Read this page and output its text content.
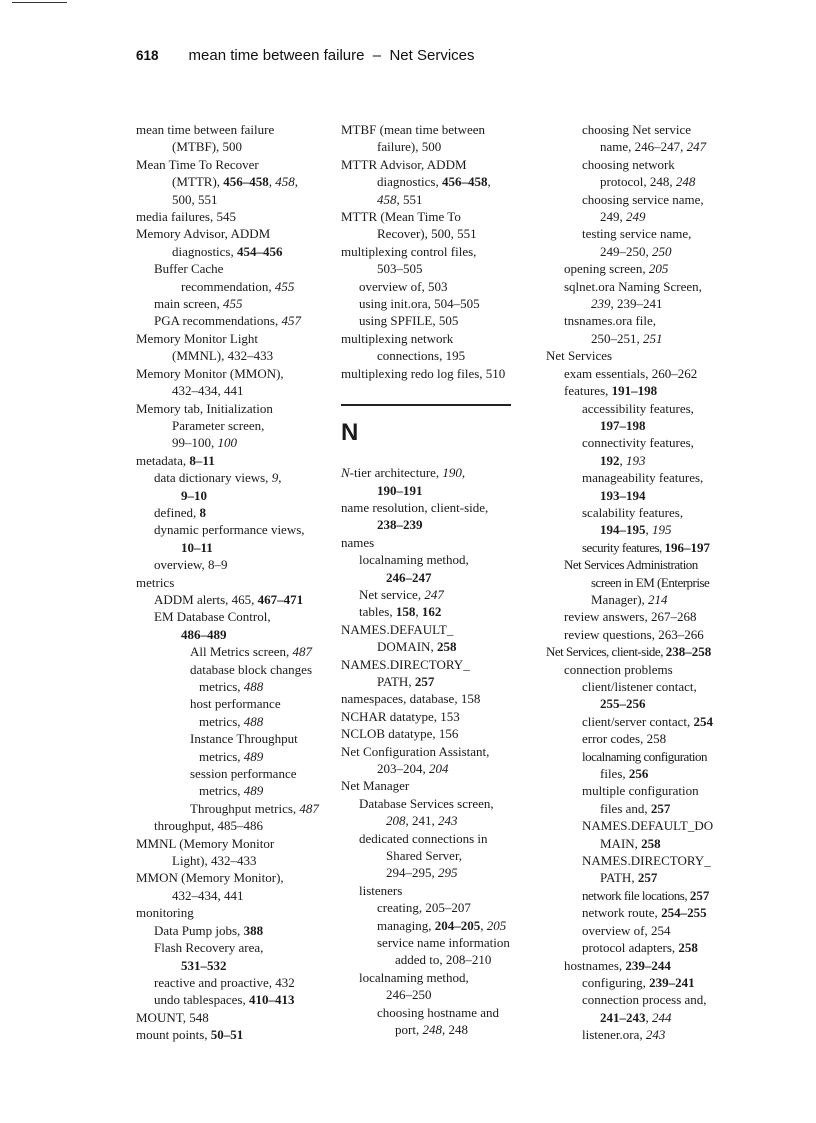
618 mean time between failure  –  Net Services
mean time between failure
(MTBF), 500
Mean Time To Recover
(MTTR), 456–458, 458,
500, 551
media failures, 545
Memory Advisor, ADDM
diagnostics, 454–456
Buffer Cache
recommendation, 455
main screen, 455
PGA recommendations, 457
Memory Monitor Light
(MMNL), 432–433
Memory Monitor (MMON),
432–434, 441
Memory tab, Initialization
Parameter screen,
99–100, 100
metadata, 8–11
data dictionary views, 9,
9–10
defined, 8
dynamic performance views,
10–11
overview, 8–9
metrics
ADDM alerts, 465, 467–471
EM Database Control,
486–489
All Metrics screen, 487
database block changes
metrics, 488
host performance
metrics, 488
Instance Throughput
metrics, 489
session performance
metrics, 489
Throughput metrics, 487
throughput, 485–486
MMNL (Memory Monitor
Light), 432–433
MMON (Memory Monitor),
432–434, 441
monitoring
Data Pump jobs, 388
Flash Recovery area,
531–532
reactive and proactive, 432
undo tablespaces, 410–413
MOUNT, 548
mount points, 50–51
MTBF (mean time between
failure), 500
MTTR Advisor, ADDM
diagnostics, 456–458,
458, 551
MTTR (Mean Time To
Recover), 500, 551
multiplexing control files,
503–505
overview of, 503
using init.ora, 504–505
using SPFILE, 505
multiplexing network
connections, 195
multiplexing redo log files, 510
N
N-tier architecture, 190,
190–191
name resolution, client-side,
238–239
names
localnaming method,
246–247
Net service, 247
tables, 158, 162
NAMES.DEFAULT_
DOMAIN, 258
NAMES.DIRECTORY_
PATH, 257
namespaces, database, 158
NCHAR datatype, 153
NCLOB datatype, 156
Net Configuration Assistant,
203–204, 204
Net Manager
Database Services screen,
208, 241, 243
dedicated connections in
Shared Server,
294–295, 295
listeners
creating, 205–207
managing, 204–205, 205
service name information
added to, 208–210
localnaming method,
246–250
choosing hostname and
port, 248, 248
choosing Net service
name, 246–247, 247
choosing network
protocol, 248, 248
choosing service name,
249, 249
testing service name,
249–250, 250
opening screen, 205
sqlnet.ora Naming Screen,
239, 239–241
tnsnames.ora file,
250–251, 251
Net Services
exam essentials, 260–262
features, 191–198
accessibility features,
197–198
connectivity features,
192, 193
manageability features,
193–194
scalability features,
194–195, 195
security features, 196–197
Net Services Administration
screen in EM (Enterprise
Manager), 214
review answers, 267–268
review questions, 263–266
Net Services, client-side, 238–258
connection problems
client/listener contact,
255–256
client/server contact, 254
error codes, 258
localnaming configuration
files, 256
multiple configuration
files and, 257
NAMES.DEFAULT_DO
MAIN, 258
NAMES.DIRECTORY_
PATH, 257
network file locations, 257
network route, 254–255
overview of, 254
protocol adapters, 258
hostnames, 239–244
configuring, 239–241
connection process and,
241–243, 244
listener.ora, 243
